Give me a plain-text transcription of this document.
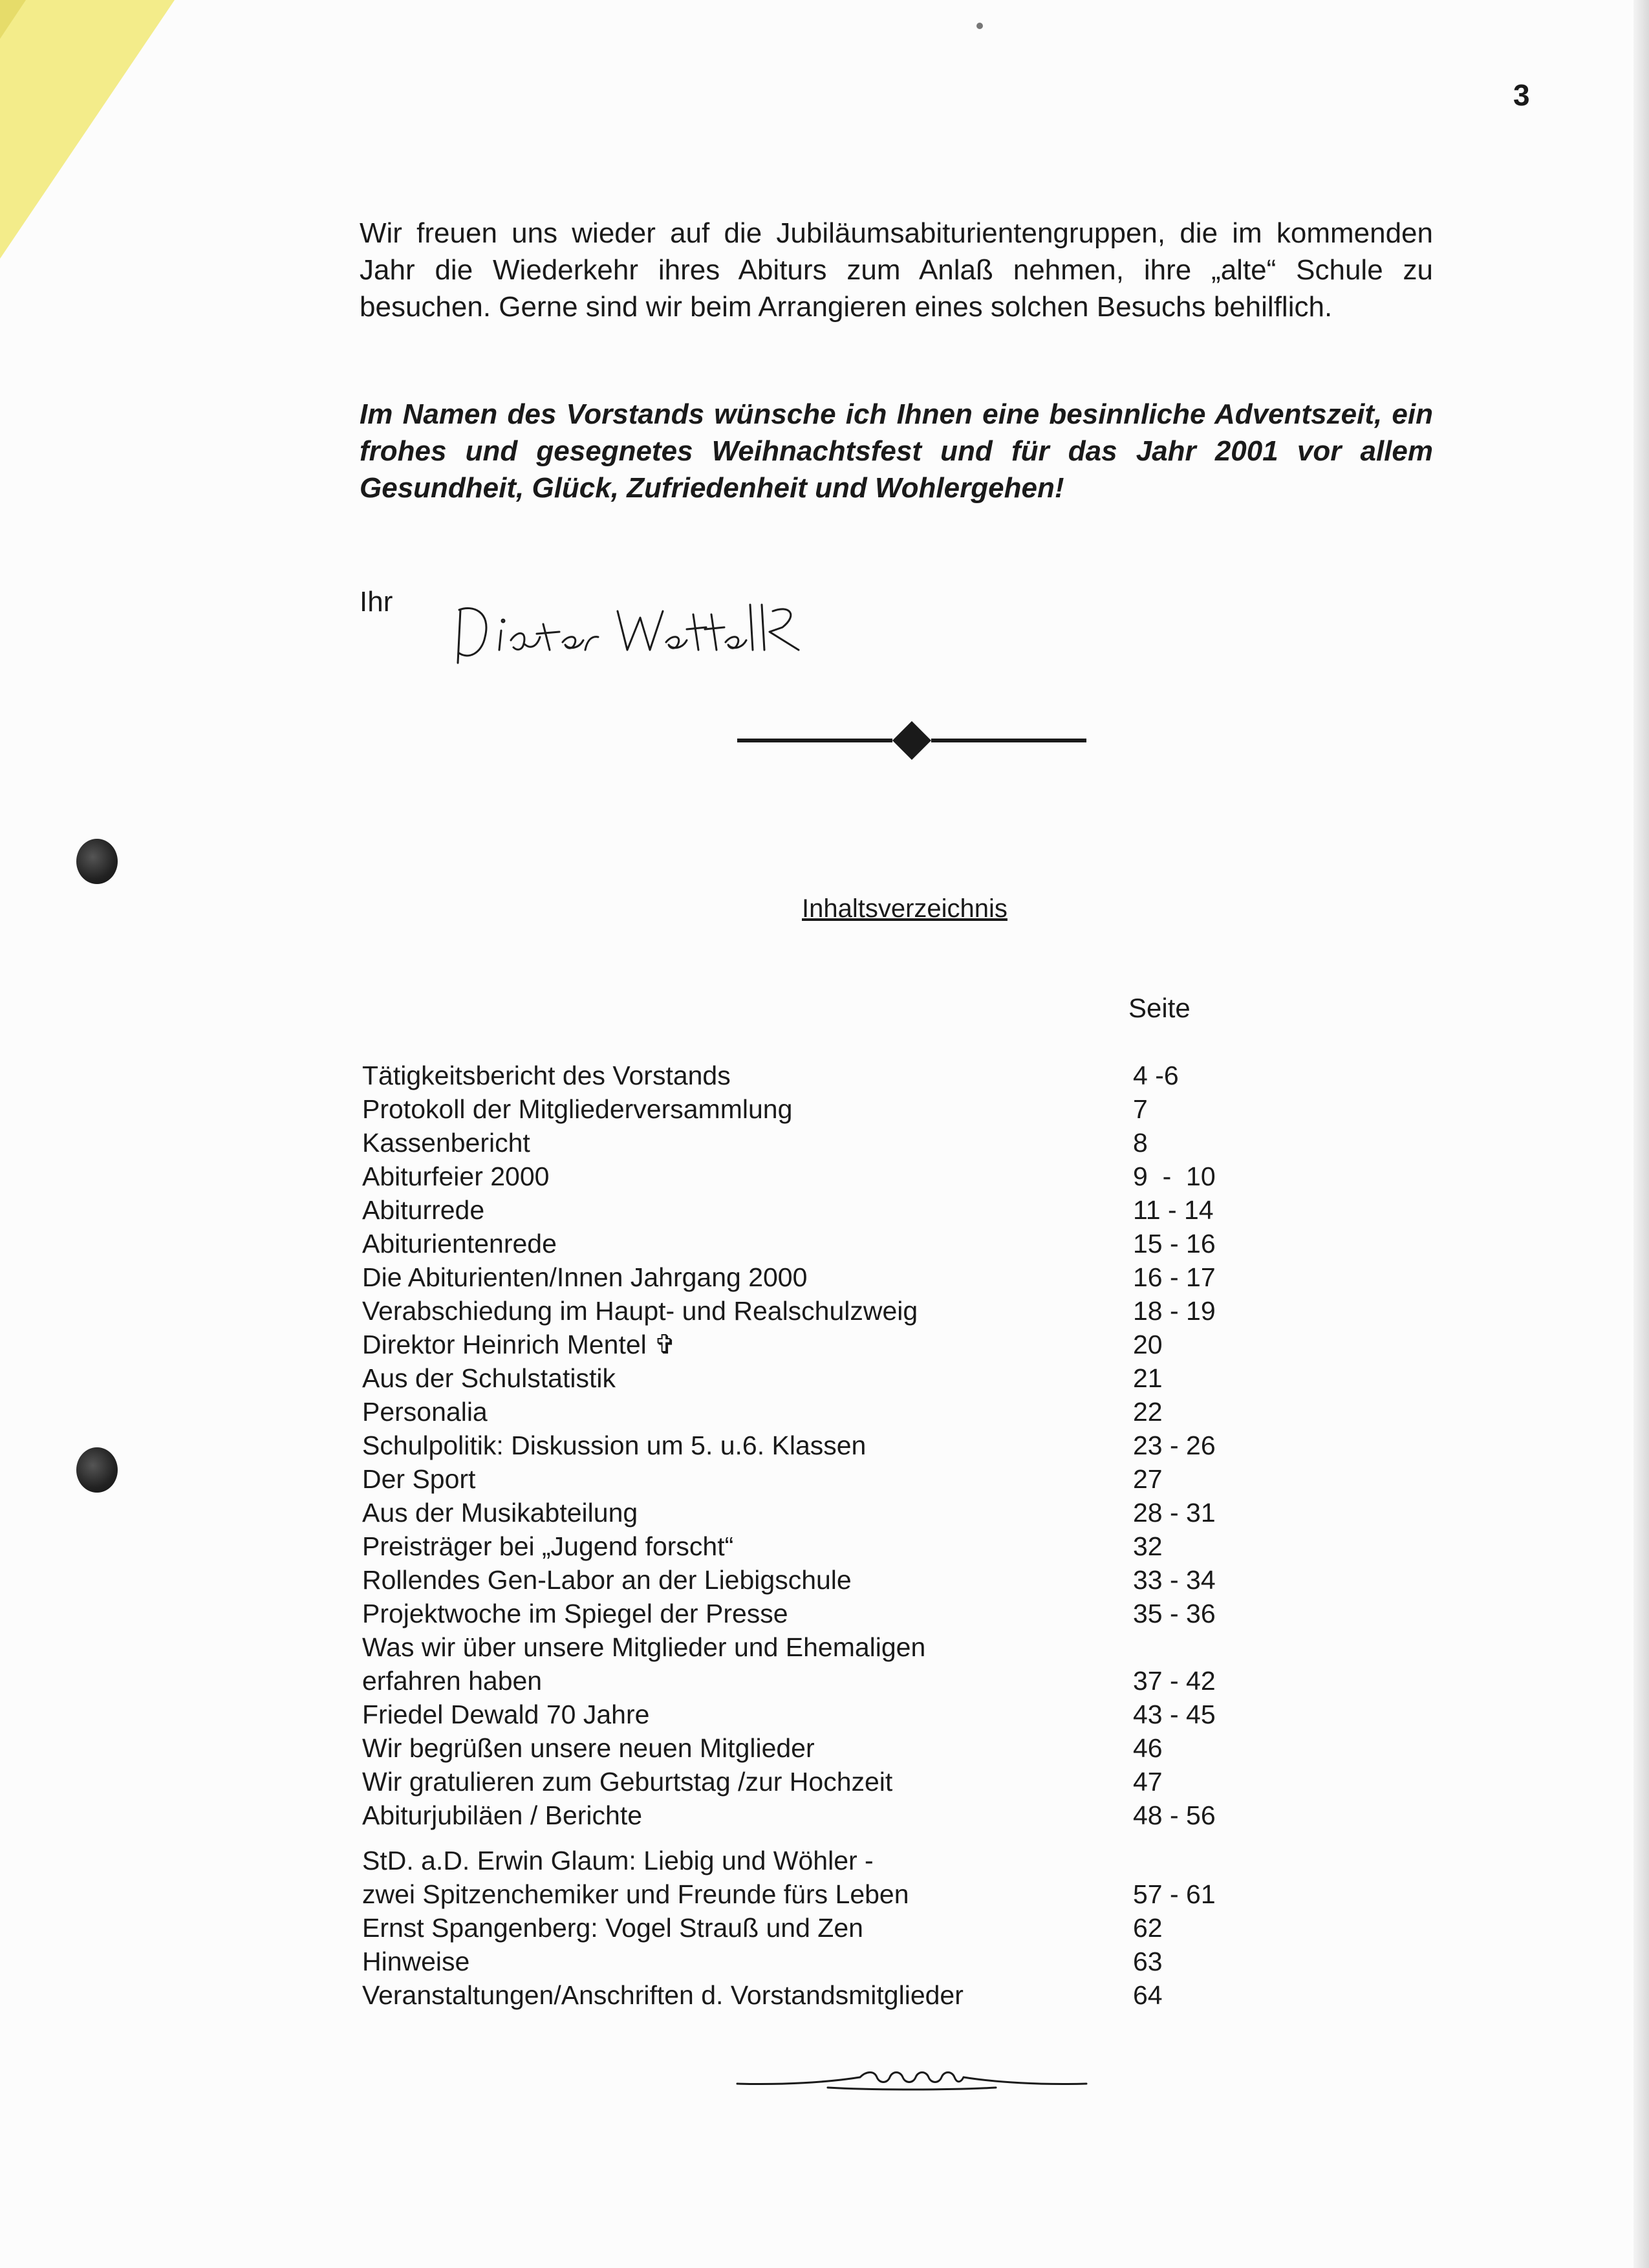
3

Wir freuen uns wieder auf die Jubiläumsabiturientengruppen, die im kommenden Jahr die Wiederkehr ihres Abiturs zum Anlaß nehmen, ihre „alte“ Schule zu besuchen. Gerne sind wir beim Arrangieren eines solchen Besuchs behilflich.

Im Namen des Vorstands wünsche ich Ihnen eine besinnliche Adventszeit, ein frohes und gesegnetes Weihnachtsfest und für das Jahr 2001 vor allem Gesundheit, Glück, Zufriedenheit und Wohlergehen!

Ihr
Inhaltsverzeichnis
Seite
Tätigkeitsbericht des Vorstands	4 -6
Protokoll der Mitgliederversammlung	7
Kassenbericht	8
Abiturfeier 2000	9  -  10
Abiturrede	11 - 14
Abiturientenrede	15 - 16
Die Abiturienten/Innen Jahrgang 2000	16 - 17
Verabschiedung im Haupt- und Realschulzweig	18 - 19
Direktor Heinrich Mentel ✞	20
Aus der Schulstatistik	21
Personalia	22
Schulpolitik: Diskussion um 5. u.6. Klassen	23 - 26
Der Sport	27
Aus der Musikabteilung	28 - 31
Preisträger bei „Jugend forscht“	32
Rollendes Gen-Labor an der Liebigschule	33 - 34
Projektwoche im Spiegel der Presse	35 - 36
Was wir über unsere Mitglieder und Ehemaligen
erfahren haben	37 - 42
Friedel Dewald 70 Jahre	43 - 45
Wir begrüßen unsere neuen Mitglieder	46
Wir gratulieren zum Geburtstag /zur Hochzeit	47
Abiturjubiläen / Berichte	48 - 56
StD. a.D. Erwin Glaum: Liebig und Wöhler -
zwei Spitzenchemiker und Freunde fürs Leben	57 - 61
Ernst Spangenberg: Vogel Strauß und Zen	62
Hinweise	63
Veranstaltungen/Anschriften d. Vorstandsmitglieder	64
